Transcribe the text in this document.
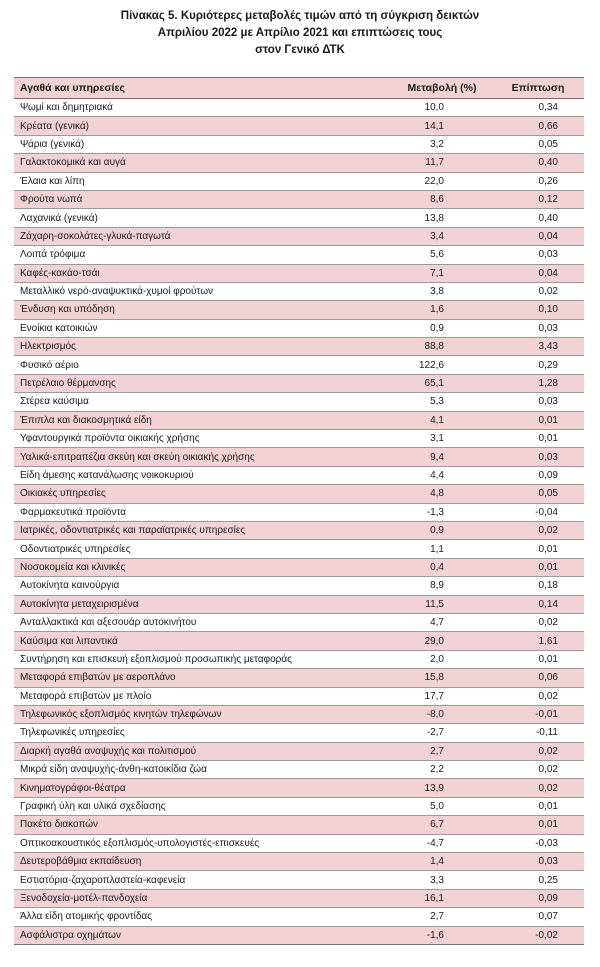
Πίνακας 5. Κυριότερες μεταβολές τιμών από τη σύγκριση δεικτών
Απριλίου 2022 με Απρίλιο 2021 και επιπτώσεις τους
στον Γενικό ΔΤΚ
Αγαθά και υπηρεσίες	Μεταβολή (%)	Επίπτωση
Ψωμί και δημητριακά	10,0	0,34
Κρέατα (γενικά)	14,1	0,66
Ψάρια (γενικά)	3,2	0,05
Γαλακτοκομικά και αυγά	11,7	0,40
Έλαια και λίπη	22,0	0,26
Φρούτα νωπά	8,6	0,12
Λαχανικά (γενικά)	13,8	0,40
Ζάχαρη-σοκολάτες-γλυκά-παγωτά	3,4	0,04
Λοιπά τρόφιμα	5,6	0,03
Καφές-κακάο-τσάι	7,1	0,04
Μεταλλικό νερό-αναψυκτικά-χυμοί φρούτων	3,8	0,02
Ένδυση και υπόδηση	1,6	0,10
Ενοίκια κατοικιών	0,9	0,03
Ηλεκτρισμός	88,8	3,43
Φυσικό αέριο	122,6	0,29
Πετρέλαιο θέρμανσης	65,1	1,28
Στέρεα καύσιμα	5,3	0,03
Έπιπλα και διακοσμητικά είδη	4,1	0,01
Υφαντουργικά προϊόντα οικιακής χρήσης	3,1	0,01
Υαλικά-επιτραπέζια σκεύη και σκεύη οικιακής χρήσης	9,4	0,03
Είδη άμεσης κατανάλωσης νοικοκυριού	4,4	0,09
Οικιακές υπηρεσίες	4,8	0,05
Φαρμακευτικά προϊόντα	-1,3	-0,04
Ιατρικές, οδοντιατρικές και παραϊατρικές υπηρεσίες	0,9	0,02
Οδοντιατρικές υπηρεσίες	1,1	0,01
Νοσοκομεία και κλινικές	0,4	0,01
Αυτοκίνητα καινούργια	8,9	0,18
Αυτοκίνητα μεταχειρισμένα	11,5	0,14
Ανταλλακτικά και αξεσουάρ αυτοκινήτου	4,7	0,02
Καύσιμα και λιπαντικά	29,0	1,61
Συντήρηση και επισκευή εξοπλισμού προσωπικής μεταφοράς	2,0	0,01
Μεταφορά επιβατών με αεροπλάνο	15,8	0,06
Μεταφορά επιβατών με πλοίο	17,7	0,02
Τηλεφωνικός εξοπλισμός κινητών τηλεφώνων	-8,0	-0,01
Τηλεφωνικές υπηρεσίες	-2,7	-0,11
Διαρκή αγαθά αναψυχής και πολιτισμού	2,7	0,02
Μικρά είδη αναψυχής-άνθη-κατοικίδια ζώα	2,2	0,02
Κινηματογράφοι-θέατρα	13,9	0,02
Γραφική ύλη και υλικά σχεδίασης	5,0	0,01
Πακέτο διακοπών	6,7	0,01
Οπτικοακουστικός εξοπλισμός-υπολογιστές-επισκευές	-4,7	-0,03
Δευτεροβάθμια εκπαίδευση	1,4	0,03
Εστιατόρια-ζαχαροπλαστεία-καφενεία	3,3	0,25
Ξενοδοχεία-μοτέλ-πανδοχεία	16,1	0,09
Άλλα είδη ατομικής φροντίδας	2,7	0,07
Ασφάλιστρα οχημάτων	-1,6	-0,02
